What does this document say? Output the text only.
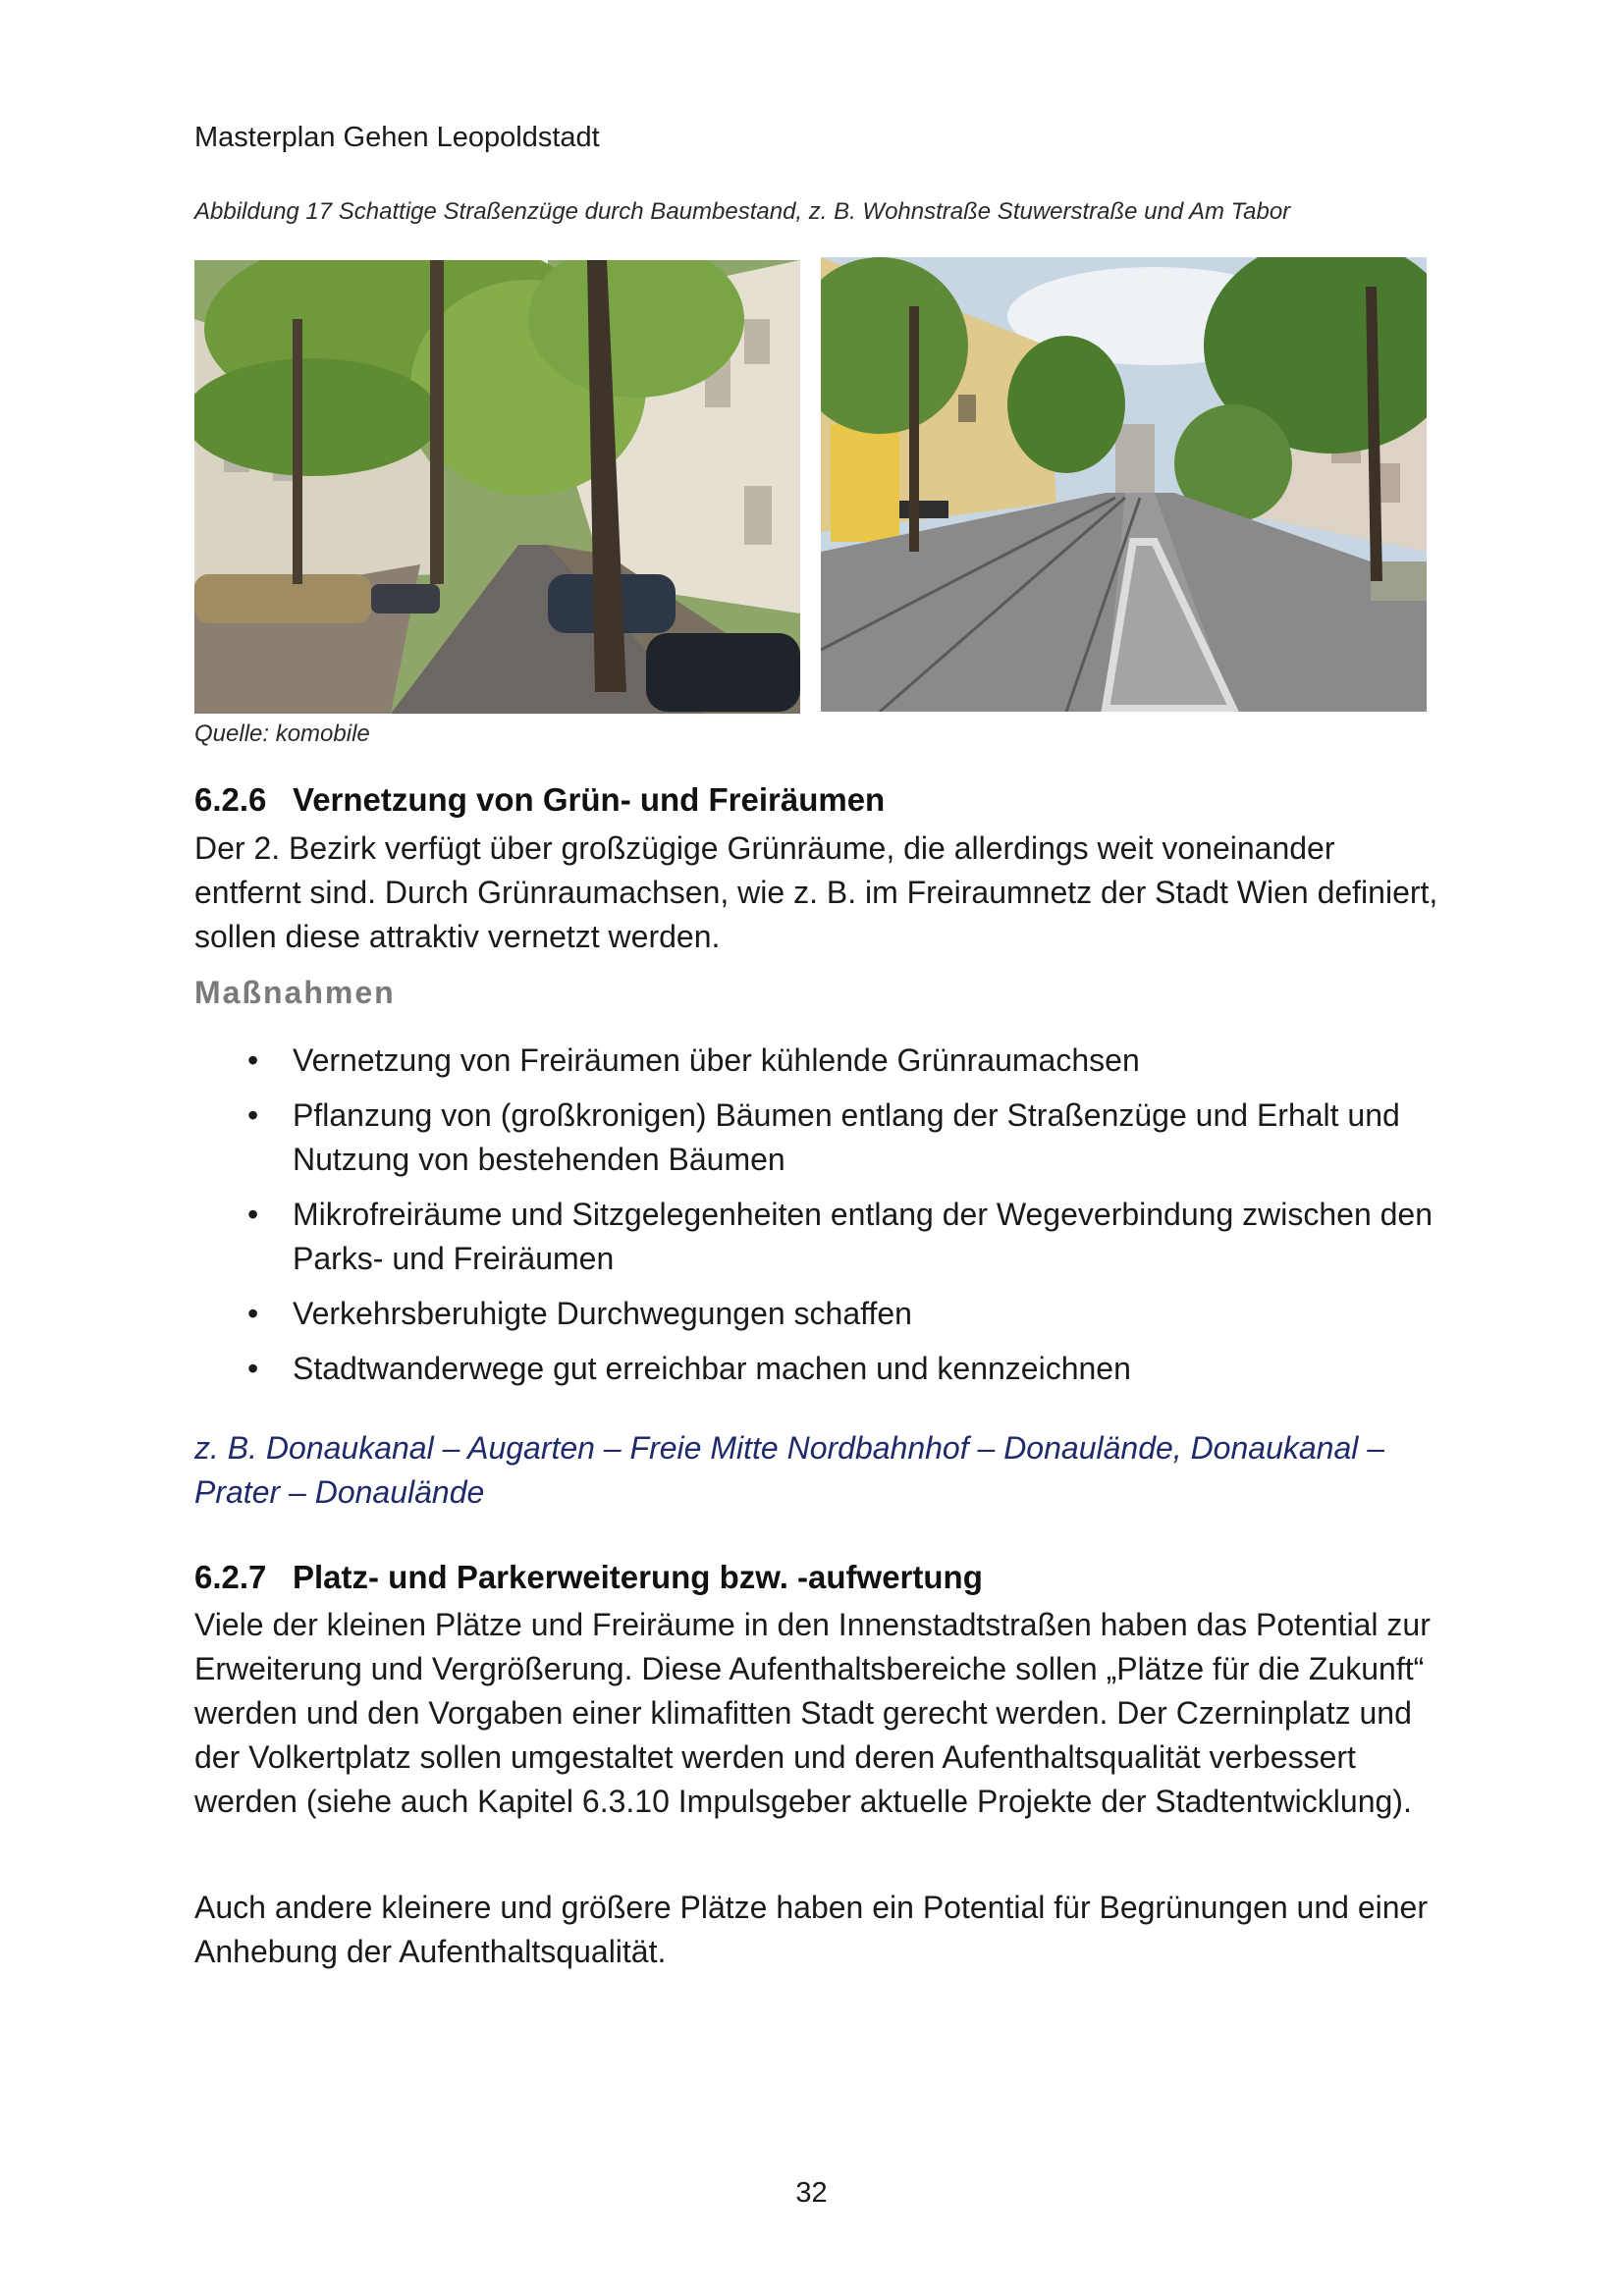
Masterplan Gehen Leopoldstadt
Abbildung 17 Schattige Straßenzüge durch Baumbestand, z. B. Wohnstraße Stuwerstraße und Am Tabor
Quelle: komobile
6.2.6 Vernetzung von Grün- und Freiräumen
Der 2. Bezirk verfügt über großzügige Grünräume, die allerdings weit voneinander entfernt sind. Durch Grünraumachsen, wie z. B. im Freiraumnetz der Stadt Wien definiert, sollen diese attraktiv vernetzt werden.
Maßnahmen
• Vernetzung von Freiräumen über kühlende Grünraumachsen
• Pflanzung von (großkronigen) Bäumen entlang der Straßenzüge und Erhalt und Nutzung von bestehenden Bäumen
• Mikrofreiräume und Sitzgelegenheiten entlang der Wegeverbindung zwischen den Parks- und Freiräumen
• Verkehrsberuhigte Durchwegungen schaffen
• Stadtwanderwege gut erreichbar machen und kennzeichnen
z. B. Donaukanal – Augarten – Freie Mitte Nordbahnhof – Donaulände, Donaukanal – Prater – Donaulände
6.2.7 Platz- und Parkerweiterung bzw. -aufwertung
Viele der kleinen Plätze und Freiräume in den Innenstadtstraßen haben das Potential zur Erweiterung und Vergrößerung. Diese Aufenthaltsbereiche sollen „Plätze für die Zukunft“ werden und den Vorgaben einer klimafitten Stadt gerecht werden. Der Czerninplatz und der Volkertplatz sollen umgestaltet werden und deren Aufenthaltsqualität verbessert werden (siehe auch Kapitel 6.3.10 Impulsgeber aktuelle Projekte der Stadtentwicklung).
Auch andere kleinere und größere Plätze haben ein Potential für Begrünungen und einer Anhebung der Aufenthaltsqualität.
32
